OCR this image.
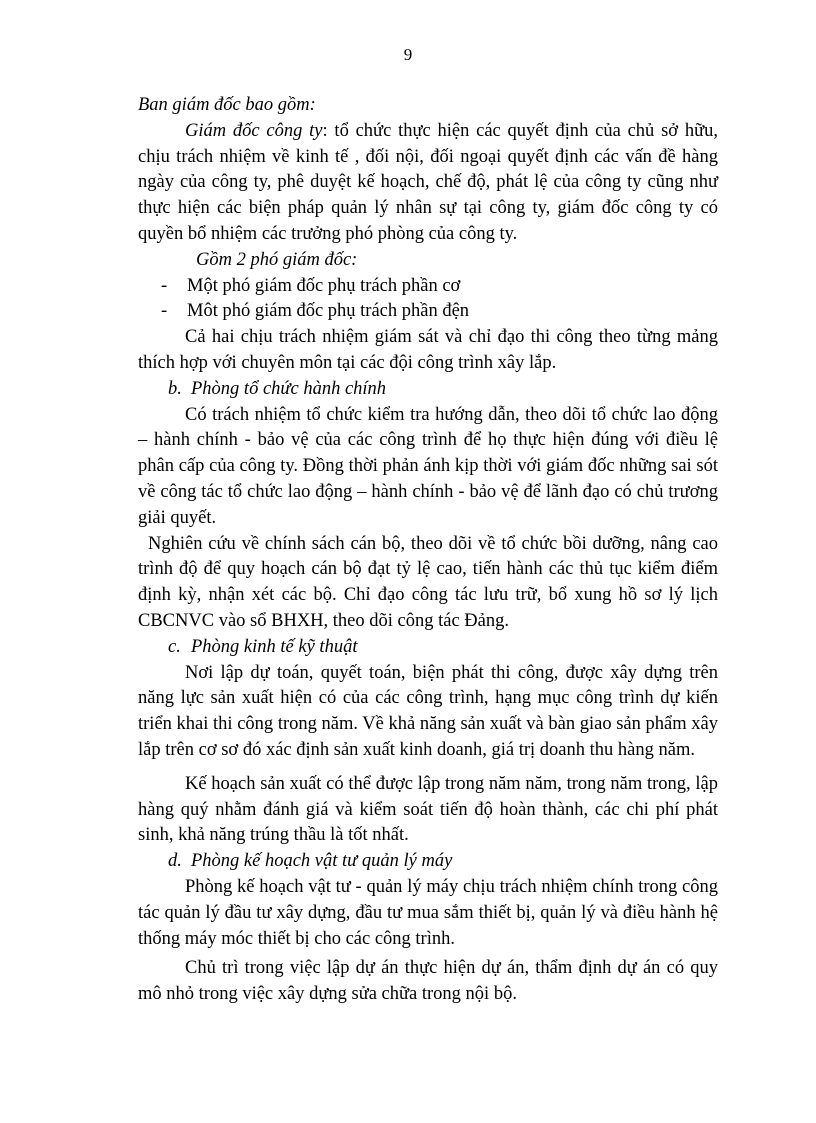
9

Ban giám đốc bao gồm:

Giám đốc công ty: tổ chức thực hiện các quyết định của chủ sở hữu, chịu trách nhiệm về kinh tế , đối nội, đối ngoại quyết định các vấn đề hàng ngày của công ty, phê duyệt kế hoạch, chế độ, phát lệ của công ty cũng như thực hiện các biện pháp quản lý nhân sự tại công ty, giám đốc công ty có quyền bổ nhiệm các trưởng phó phòng của công ty.

Gồm 2 phó giám đốc:

-	Một phó giám đốc phụ trách phần cơ
-	Môt phó giám đốc phụ trách phần đện

Cả hai chịu trách nhiệm giám sát và chỉ đạo thi công theo từng mảng thích hợp với chuyên môn tại các đội công trình xây lắp.

b. Phòng tổ chức hành chính

Có trách nhiệm tổ chức kiểm tra hướng dẫn, theo dõi tổ chức lao động – hành chính - bảo vệ của các công trình để họ thực hiện đúng với điều lệ phân cấp của công ty. Đồng thời phản ánh kịp thời với giám đốc những sai sót về công tác tổ chức lao động – hành chính - bảo vệ để lãnh đạo có chủ trương giải quyết.

Nghiên cứu về chính sách cán bộ, theo dõi về tổ chức bồi dưỡng, nâng cao trình độ để quy hoạch cán bộ đạt tỷ lệ cao, tiến hành các thủ tục kiểm điểm định kỳ, nhận xét các bộ. Chỉ đạo công tác lưu trữ, bổ xung hồ sơ lý lịch CBCNVC vào sổ BHXH, theo dõi công tác Đảng.

c. Phòng kinh tế kỹ thuật

Nơi lập dự toán, quyết toán, biện phát thi công, được xây dựng trên năng lực sản xuất hiện có của các công trình, hạng mục công trình dự kiến triển khai thi công trong năm. Về khả năng sản xuất và bàn giao sản phẩm xây lắp trên cơ sơ đó xác định sản xuất kinh doanh, giá trị doanh thu hàng năm.

Kế hoạch sản xuất có thể được lập trong năm năm, trong năm trong, lập hàng quý nhằm đánh giá và kiểm soát tiến độ hoàn thành, các chi phí phát sinh, khả năng trúng thầu là tốt nhất.

d. Phòng kế hoạch vật tư quản lý máy

Phòng kế hoạch vật tư - quản lý máy chịu trách nhiệm chính trong công tác quản lý đầu tư xây dựng, đầu tư mua sắm thiết bị, quản lý và điều hành hệ thống máy móc thiết bị cho các công trình.

Chủ trì trong việc lập dự án thực hiện dự án, thẩm định dự án có quy mô nhỏ trong việc xây dựng sửa chữa trong nội bộ.
